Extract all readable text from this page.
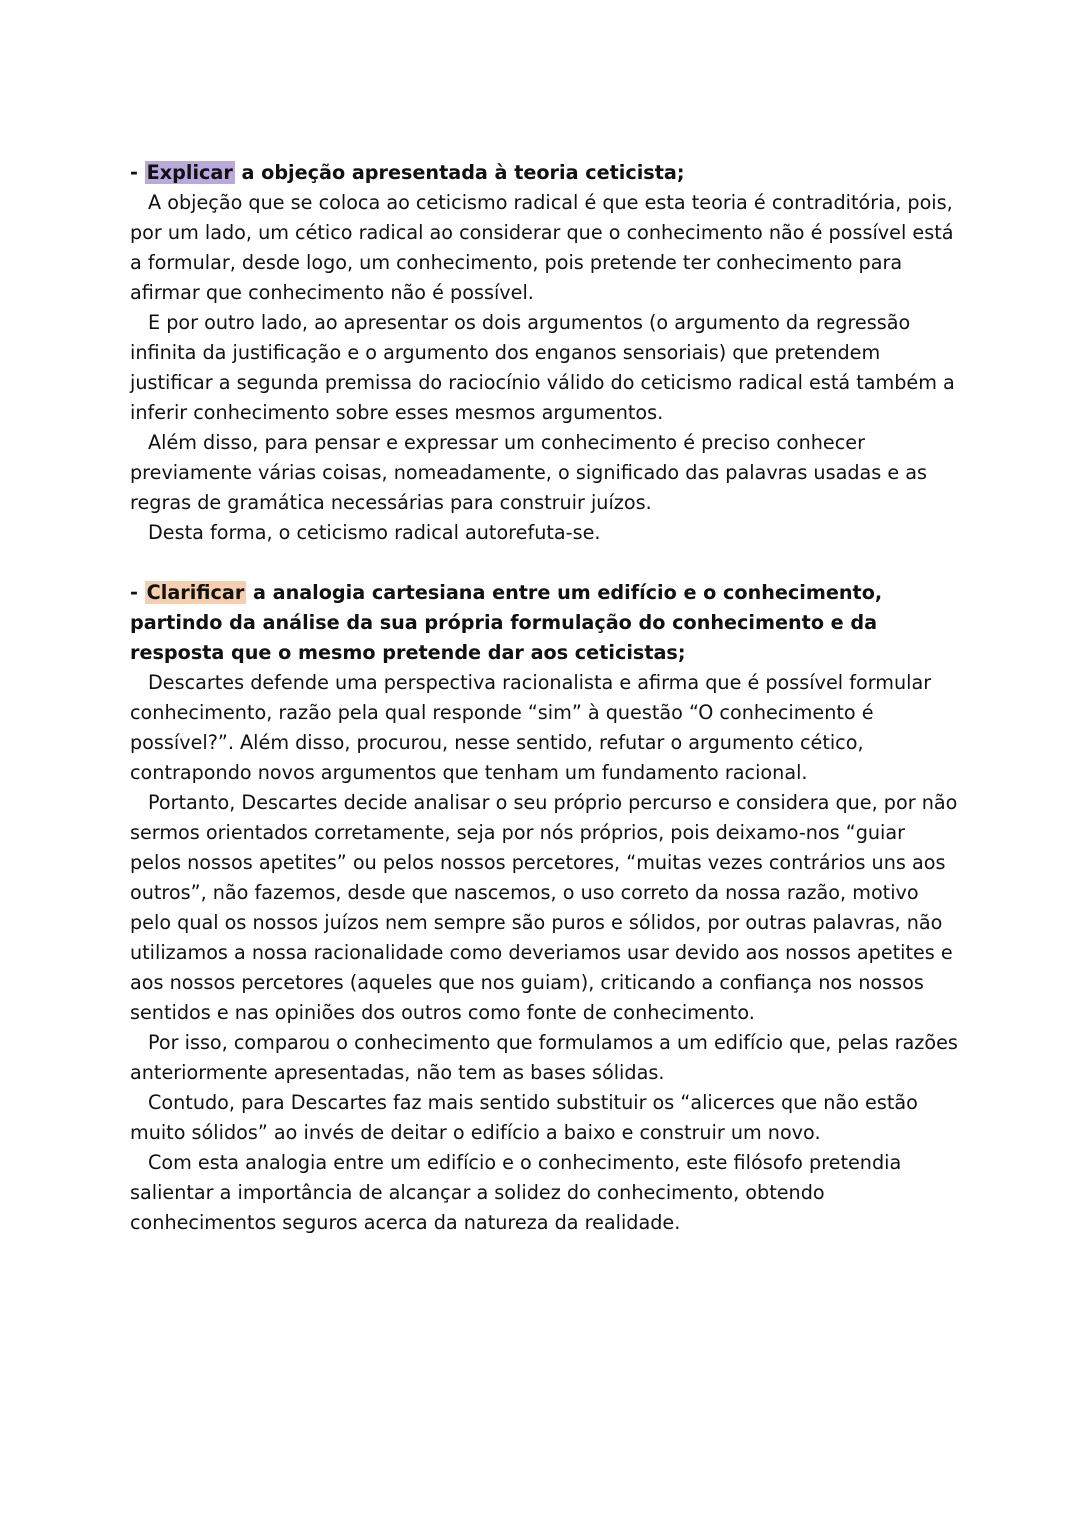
- Explicar a objeção apresentada à teoria ceticista;

A objeção que se coloca ao ceticismo radical é que esta teoria é contraditória, pois, por um lado, um cético radical ao considerar que o conhecimento não é possível está a formular, desde logo, um conhecimento, pois pretende ter conhecimento para afirmar que conhecimento não é possível.

E por outro lado, ao apresentar os dois argumentos (o argumento da regressão infinita da justificação e o argumento dos enganos sensoriais) que pretendem justificar a segunda premissa do raciocínio válido do ceticismo radical está também a inferir conhecimento sobre esses mesmos argumentos.

Além disso, para pensar e expressar um conhecimento é preciso conhecer previamente várias coisas, nomeadamente, o significado das palavras usadas e as regras de gramática necessárias para construir juízos.

Desta forma, o ceticismo radical autorefuta-se.

- Clarificar a analogia cartesiana entre um edifício e o conhecimento, partindo da análise da sua própria formulação do conhecimento e da resposta que o mesmo pretende dar aos ceticistas;

Descartes defende uma perspectiva racionalista e afirma que é possível formular conhecimento, razão pela qual responde “sim” à questão “O conhecimento é possível?”. Além disso, procurou, nesse sentido, refutar o argumento cético, contrapondo novos argumentos que tenham um fundamento racional.

Portanto, Descartes decide analisar o seu próprio percurso e considera que, por não sermos orientados corretamente, seja por nós próprios, pois deixamo-nos “guiar pelos nossos apetites” ou pelos nossos percetores, “muitas vezes contrários uns aos outros”, não fazemos, desde que nascemos, o uso correto da nossa razão, motivo pelo qual os nossos juízos nem sempre são puros e sólidos, por outras palavras, não utilizamos a nossa racionalidade como deveriamos usar devido aos nossos apetites e aos nossos percetores (aqueles que nos guiam), criticando a confiança nos nossos sentidos e nas opiniões dos outros como fonte de conhecimento.

Por isso, comparou o conhecimento que formulamos a um edifício que, pelas razões anteriormente apresentadas, não tem as bases sólidas.

Contudo, para Descartes faz mais sentido substituir os “alicerces que não estão muito sólidos” ao invés de deitar o edifício a baixo e construir um novo.

Com esta analogia entre um edifício e o conhecimento, este filósofo pretendia salientar a importância de alcançar a solidez do conhecimento, obtendo conhecimentos seguros acerca da natureza da realidade.
